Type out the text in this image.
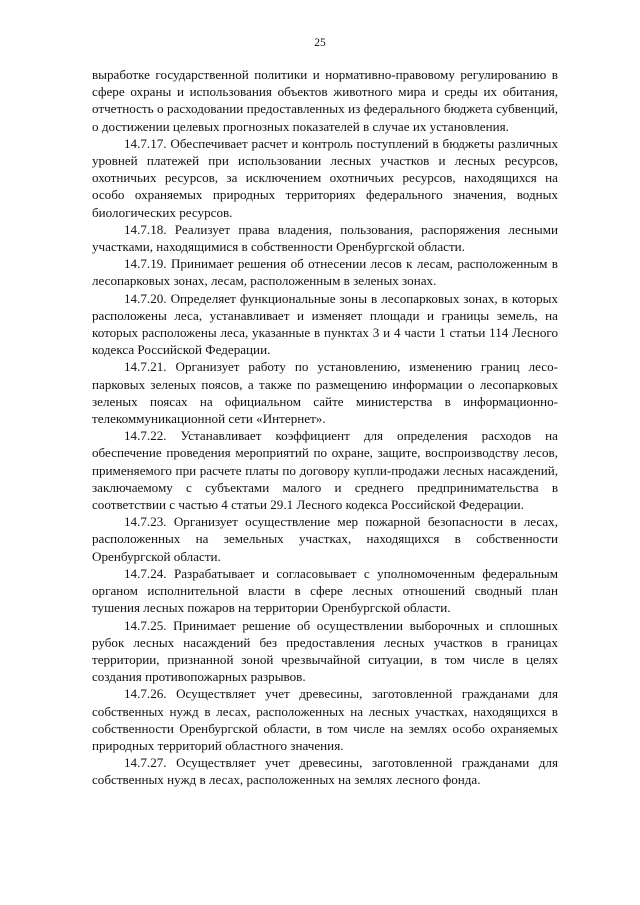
25

выработке государственной политики и нормативно-правовому регулированию в сфере охраны и использования объектов животного мира и среды их обитания, отчетность о расходовании предоставленных из федерального бюджета субвенций, о достижении целевых прогнозных показателей в случае их установления.

14.7.17. Обеспечивает расчет и контроль поступлений в бюджеты различных уровней платежей при использовании лесных участков и лесных ресурсов, охотничьих ресурсов, за исключением охотничьих ресурсов, находящихся на особо охраняемых природных территориях федерального значения, водных биологических ресурсов.

14.7.18. Реализует права владения, пользования, распоряжения лесными участками, находящимися в собственности Оренбургской области.

14.7.19. Принимает решения об отнесении лесов к лесам, расположенным в лесопарковых зонах, лесам, расположенным в зеленых зонах.

14.7.20. Определяет функциональные зоны в лесопарковых зонах, в которых расположены леса, устанавливает и изменяет площади и границы земель, на которых расположены леса, указанные в пунктах 3 и 4 части 1 статьи 114 Лесного кодекса Российской Федерации.

14.7.21. Организует работу по установлению, изменению границ лесопарковых зеленых поясов, а также по размещению информации о лесопарковых зеленых поясах на официальном сайте министерства в информационно-телекоммуникационной сети «Интернет».

14.7.22. Устанавливает коэффициент для определения расходов на обеспечение проведения мероприятий по охране, защите, воспроизводству лесов, применяемого при расчете платы по договору купли-продажи лесных насаждений, заключаемому с субъектами малого и среднего предпринимательства в соответствии с частью 4 статьи 29.1 Лесного кодекса Российской Федерации.

14.7.23. Организует осуществление мер пожарной безопасности в лесах, расположенных на земельных участках, находящихся в собственности Оренбургской области.

14.7.24. Разрабатывает и согласовывает с уполномоченным федеральным органом исполнительной власти в сфере лесных отношений сводный план тушения лесных пожаров на территории Оренбургской области.

14.7.25. Принимает решение об осуществлении выборочных и сплошных рубок лесных насаждений без предоставления лесных участков в границах территории, признанной зоной чрезвычайной ситуации, в том числе в целях создания противопожарных разрывов.

14.7.26. Осуществляет учет древесины, заготовленной гражданами для собственных нужд в лесах, расположенных на лесных участках, находящихся в собственности Оренбургской области, в том числе на землях особо охраняемых природных территорий областного значения.

14.7.27. Осуществляет учет древесины, заготовленной гражданами для собственных нужд в лесах, расположенных на землях лесного фонда.
